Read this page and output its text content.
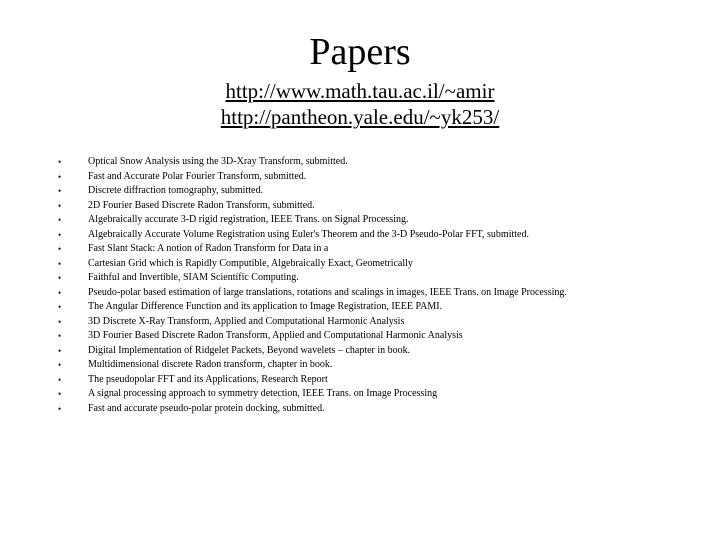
Papers
http://www.math.tau.ac.il/~amir
http://pantheon.yale.edu/~yk253/
•	Optical Snow Analysis using the 3D-Xray Transform, submitted.
•	Fast and Accurate Polar Fourier Transform, submitted.
•	Discrete diffraction tomography, submitted.
•	2D Fourier Based Discrete Radon Transform, submitted.
•	Algebraically accurate 3-D rigid registration, IEEE Trans. on Signal Processing.
•	Algebraically Accurate Volume Registration using Euler's Theorem and the 3-D Pseudo-Polar FFT, submitted.
•	Fast Slant Stack: A notion of Radon Transform for Data in a
•	Cartesian Grid which is Rapidly Computible, Algebraically Exact, Geometrically
•	Faithful and Invertible, SIAM Scientific Computing.
•	Pseudo-polar based estimation of large translations, rotations and scalings in images, IEEE Trans. on Image Processing.
•	The Angular Difference Function and its application to Image Registration, IEEE PAMI.
•	3D Discrete X-Ray Transform, Applied and Computational Harmonic Analysis
•	3D Fourier Based Discrete Radon Transform, Applied and Computational Harmonic Analysis
•	Digital Implementation of Ridgelet Packets, Beyond wavelets – chapter in book.
•	Multidimensional discrete Radon transform, chapter in book.
•	The pseudopolar FFT and its Applications, Research Report
•	A signal processing approach to symmetry detection, IEEE Trans. on Image Processing
•	Fast and accurate pseudo-polar protein docking, submitted.
